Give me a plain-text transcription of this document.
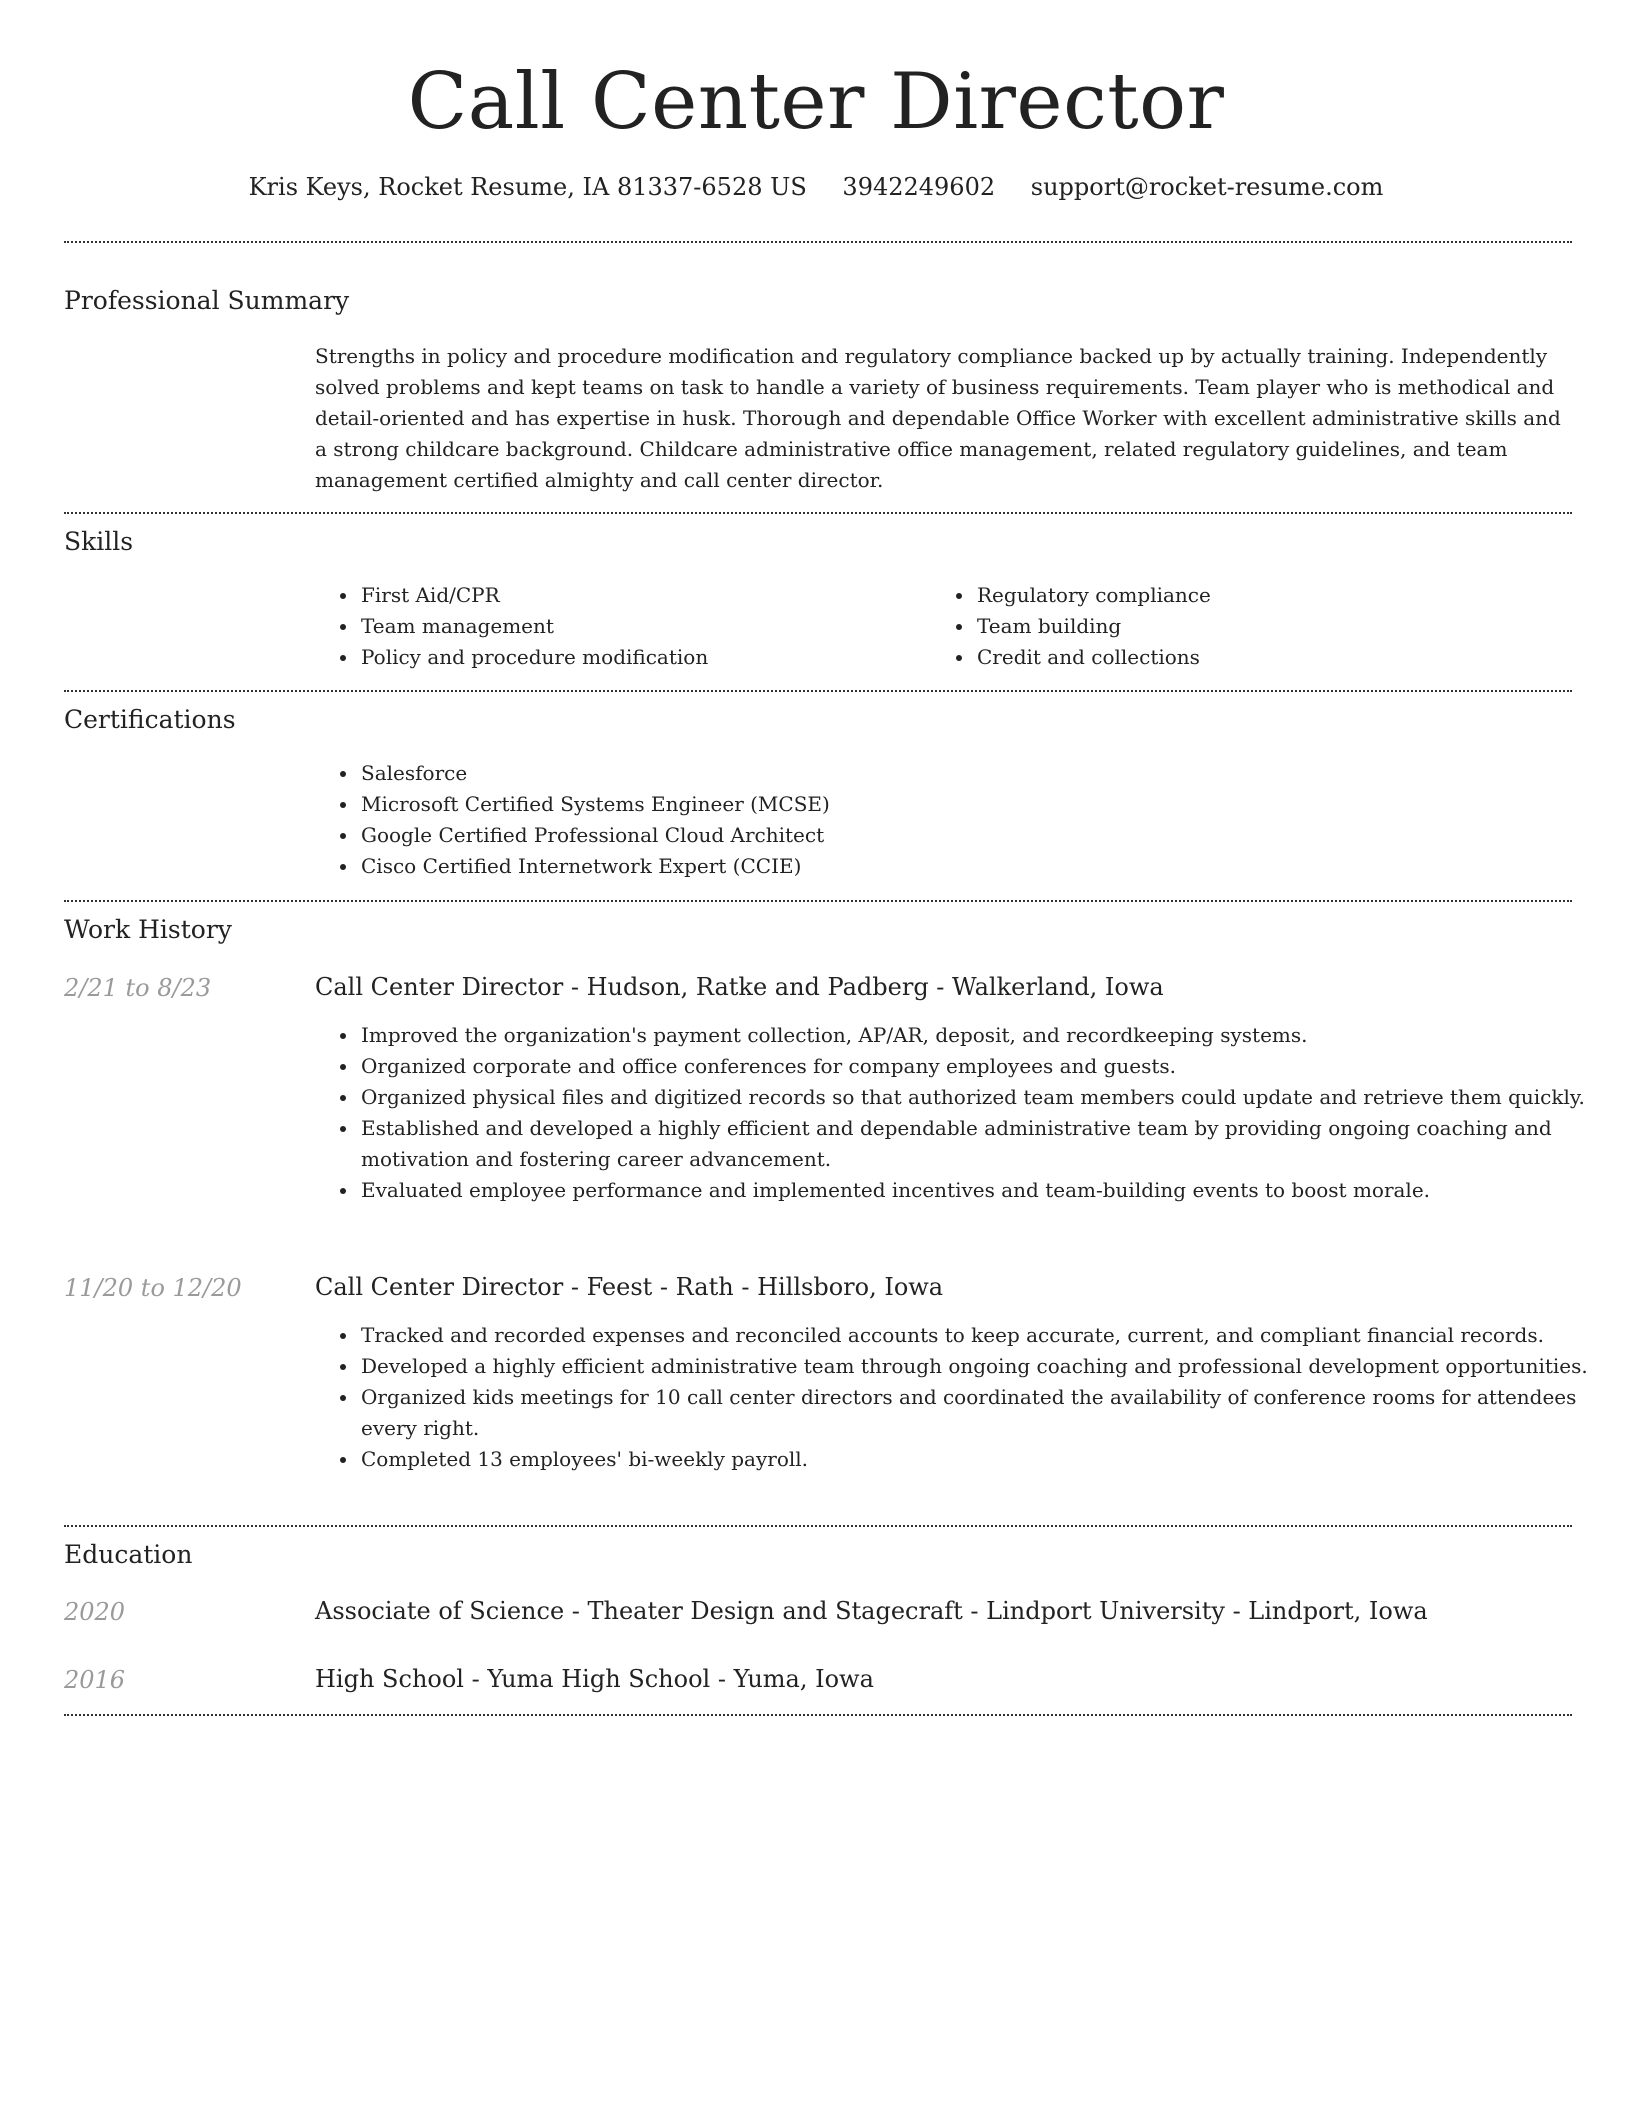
Call Center Director
Kris Keys, Rocket Resume, IA 81337-6528 US 3942249602 support@rocket-resume.com
Professional Summary

Strengths in policy and procedure modification and regulatory compliance backed up by actually training. Independently solved problems and kept teams on task to handle a variety of business requirements. Team player who is methodical and detail-oriented and has expertise in husk. Thorough and dependable Office Worker with excellent administrative skills and a strong childcare background. Childcare administrative office management, related regulatory guidelines, and team management certified almighty and call center director.

Skills
• First Aid/CPR
• Team management
• Policy and procedure modification
• Regulatory compliance
• Team building
• Credit and collections
Certifications
• Salesforce
• Microsoft Certified Systems Engineer (MCSE)
• Google Certified Professional Cloud Architect
• Cisco Certified Internetwork Expert (CCIE)
Work History
2/21 to 8/23	Call Center Director - Hudson, Ratke and Padberg - Walkerland, Iowa
• Improved the organization's payment collection, AP/AR, deposit, and recordkeeping systems.
• Organized corporate and office conferences for company employees and guests.
• Organized physical files and digitized records so that authorized team members could update and retrieve them quickly.
• Established and developed a highly efficient and dependable administrative team by providing ongoing coaching and motivation and fostering career advancement.
• Evaluated employee performance and implemented incentives and team-building events to boost morale.
11/20 to 12/20	Call Center Director - Feest - Rath - Hillsboro, Iowa
• Tracked and recorded expenses and reconciled accounts to keep accurate, current, and compliant financial records.
• Developed a highly efficient administrative team through ongoing coaching and professional development opportunities.
• Organized kids meetings for 10 call center directors and coordinated the availability of conference rooms for attendees every right.
• Completed 13 employees' bi-weekly payroll.
Education
2020	Associate of Science - Theater Design and Stagecraft - Lindport University - Lindport, Iowa
2016	High School - Yuma High School - Yuma, Iowa
